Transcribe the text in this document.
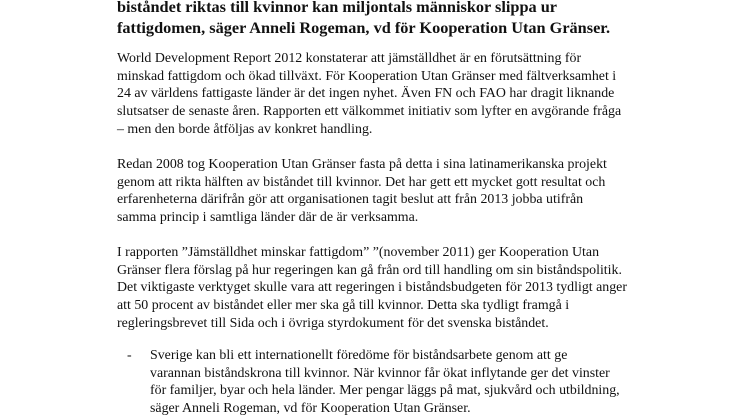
biståndet riktas till kvinnor kan miljontals människor slippa ur
fattigdomen, säger Anneli Rogeman, vd för Kooperation Utan Gränser.
World Development Report 2012 konstaterar att jämställdhet är en förutsättning för
minskad fattigdom och ökad tillväxt. För Kooperation Utan Gränser med fältverksamhet i
24 av världens fattigaste länder är det ingen nyhet. Även FN och FAO har dragit liknande
slutsatser de senaste åren. Rapporten ett välkommet initiativ som lyfter en avgörande fråga
– men den borde åtföljas av konkret handling.
Redan 2008 tog Kooperation Utan Gränser fasta på detta i sina latinamerikanska projekt
genom att rikta hälften av biståndet till kvinnor. Det har gett ett mycket gott resultat och
erfarenheterna därifrån gör att organisationen tagit beslut att från 2013 jobba utifrån
samma princip i samtliga länder där de är verksamma.
I rapporten ”Jämställdhet minskar fattigdom” ”(november 2011) ger Kooperation Utan
Gränser flera förslag på hur regeringen kan gå från ord till handling om sin biståndspolitik.
Det viktigaste verktyget skulle vara att regeringen i biståndsbudgeten för 2013 tydligt anger
att 50 procent av biståndet eller mer ska gå till kvinnor. Detta ska tydligt framgå i
regleringsbrevet till Sida och i övriga styrdokument för det svenska biståndet.
- Sverige kan bli ett internationellt föredöme för biståndsarbete genom att ge
varannan biståndskrona till kvinnor. När kvinnor får ökat inflytande ger det vinster
för familjer, byar och hela länder. Mer pengar läggs på mat, sjukvård och utbildning,
säger Anneli Rogeman, vd för Kooperation Utan Gränser.
